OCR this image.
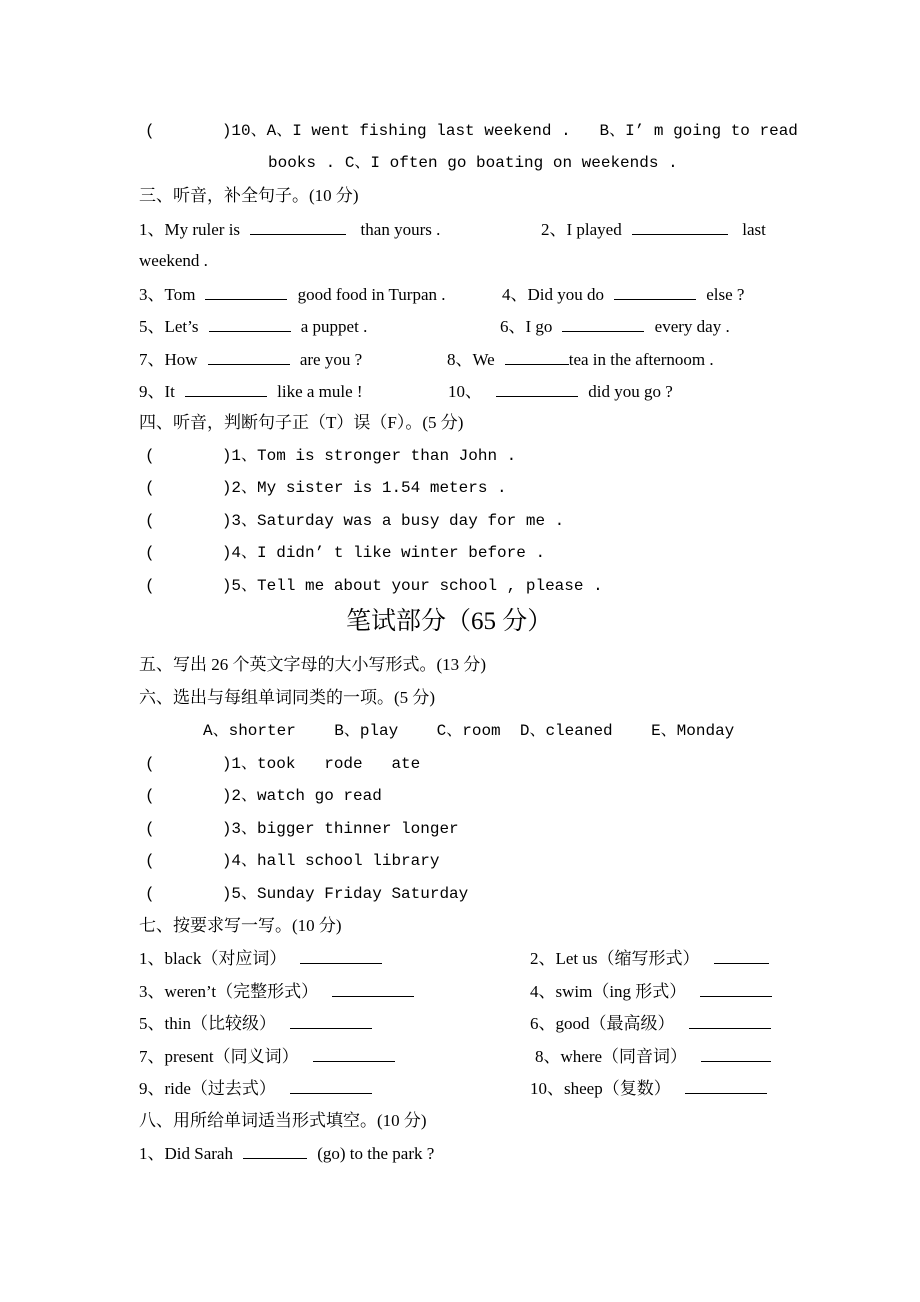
(       )10、A、I went fishing last weekend .   B、I’ m going to read
books . C、I often go boating on weekends .
三、听音，补全句子。(10 分)
1、My ruler is	than yours .	2、I played	last
weekend .
3、Tom	good food in Turpan .	4、Did you do	else ?
5、Let’s	a puppet .	6、I go	every day .
7、How	are you ?	8、We	tea in the afternoom .
9、It	like a mule !	10、	did you go ?
四、听音，判断句子正（T）误（F）。(5 分)
(       )1、Tom is stronger than John .
(       )2、My sister is 1.54 meters .
(       )3、Saturday was a busy day for me .
(       )4、I didn’ t like winter before .
(       )5、Tell me about your school , please .
笔试部分（65 分）
五、写出 26 个英文字母的大小写形式。(13 分)
六、选出与每组单词同类的一项。(5 分)
A、shorter    B、play    C、room  D、cleaned    E、Monday
(       )1、took   rode   ate
(       )2、watch go read
(       )3、bigger thinner longer
(       )4、hall school library
(       )5、Sunday Friday Saturday
七、按要求写一写。(10 分)
1、black（对应词）	2、Let us（缩写形式）
3、weren’t（完整形式）	4、swim（ing 形式）
5、thin（比较级）	6、good（最高级）
7、present（同义词）	8、where（同音词）
9、ride（过去式）	10、sheep（复数）
八、用所给单词适当形式填空。(10 分)
1、Did Sarah	(go) to the park ?
